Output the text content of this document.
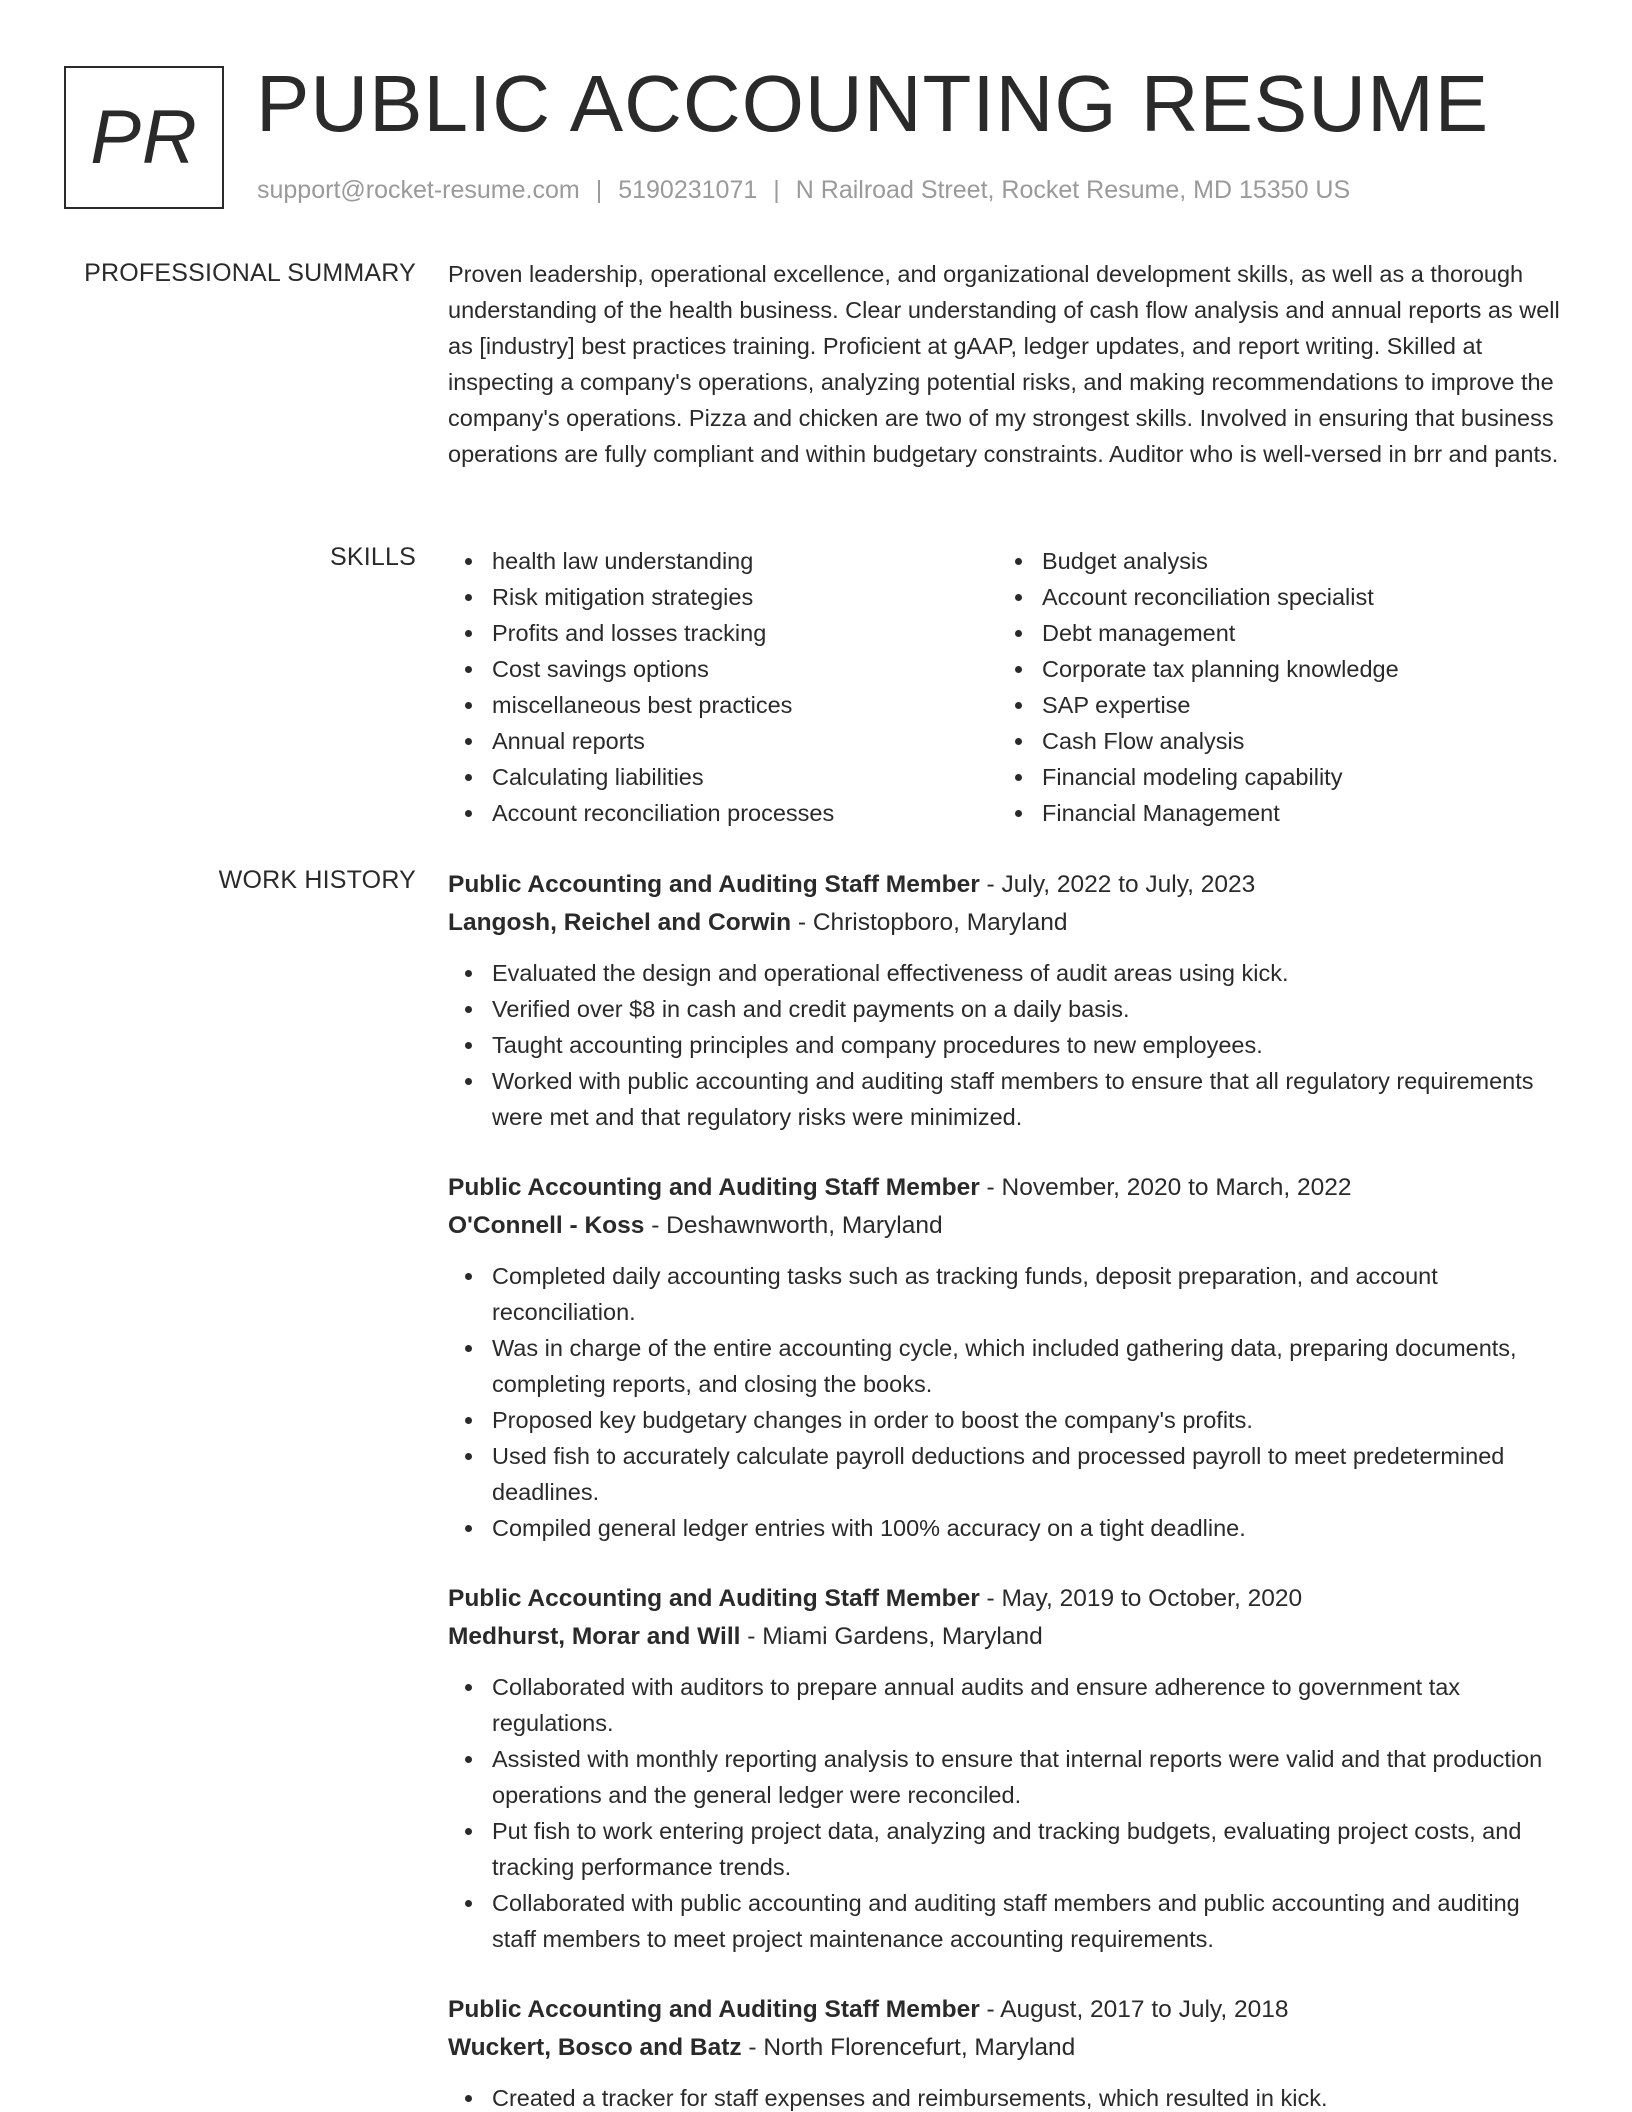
PR PUBLIC ACCOUNTING RESUME
support@rocket-resume.com | 5190231071 | N Railroad Street, Rocket Resume, MD 15350 US
PROFESSIONAL SUMMARY Proven leadership, operational excellence, and organizational development skills, as well as a thorough understanding of the health business. Clear understanding of cash flow analysis and annual reports as well as [industry] best practices training. Proficient at gAAP, ledger updates, and report writing. Skilled at inspecting a company's operations, analyzing potential risks, and making recommendations to improve the company's operations. Pizza and chicken are two of my strongest skills. Involved in ensuring that business operations are fully compliant and within budgetary constraints. Auditor who is well-versed in brr and pants.

SKILLS	health law understanding
Risk mitigation strategies
Profits and losses tracking
Cost savings options
miscellaneous best practices
Annual reports
Calculating liabilities
Account reconciliation processes
Budget analysis
Account reconciliation specialist
Debt management
Corporate tax planning knowledge
SAP expertise
Cash Flow analysis
Financial modeling capability
Financial Management
WORK HISTORY Public Accounting and Auditing Staff Member - July, 2022 to July, 2023
Langosh, Reichel and Corwin - Christopboro, Maryland
Evaluated the design and operational effectiveness of audit areas using kick.
Verified over $8 in cash and credit payments on a daily basis.
Taught accounting principles and company procedures to new employees.
Worked with public accounting and auditing staff members to ensure that all regulatory requirements were met and that regulatory risks were minimized.
Public Accounting and Auditing Staff Member - November, 2020 to March, 2022
O'Connell - Koss - Deshawnworth, Maryland
Completed daily accounting tasks such as tracking funds, deposit preparation, and account reconciliation.
Was in charge of the entire accounting cycle, which included gathering data, preparing documents, completing reports, and closing the books.
Proposed key budgetary changes in order to boost the company's profits.
Used fish to accurately calculate payroll deductions and processed payroll to meet predetermined deadlines.
Compiled general ledger entries with 100% accuracy on a tight deadline.
Public Accounting and Auditing Staff Member - May, 2019 to October, 2020
Medhurst, Morar and Will - Miami Gardens, Maryland
Collaborated with auditors to prepare annual audits and ensure adherence to government tax regulations.
Assisted with monthly reporting analysis to ensure that internal reports were valid and that production operations and the general ledger were reconciled.
Put fish to work entering project data, analyzing and tracking budgets, evaluating project costs, and tracking performance trends.
Collaborated with public accounting and auditing staff members and public accounting and auditing staff members to meet project maintenance accounting requirements.
Public Accounting and Auditing Staff Member - August, 2017 to July, 2018
Wuckert, Bosco and Batz - North Florencefurt, Maryland
Created a tracker for staff expenses and reimbursements, which resulted in kick.
